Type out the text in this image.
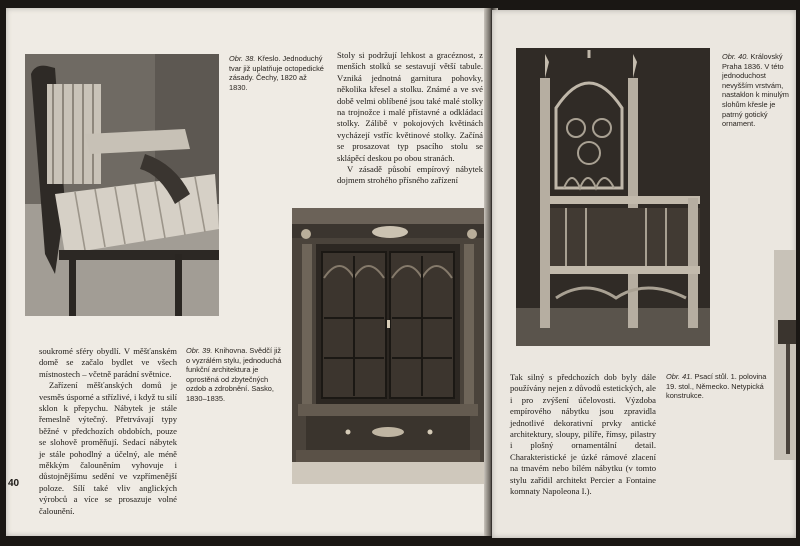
Obr. 38. Křeslo. Jednoduchý tvar již uplatňuje octopedické zásady. Čechy, 1820 až 1830.

Stoly si podržují lehkost a gracéznost, z menších stolků se sestavují větší tabule. Vzniká jednotná garnitura pohovky, několika křesel a stolku. Známé a ve své době velmi oblíbené jsou také malé stolky na trojnožce i malé přístavné a odkládací stolky. Zálibě v pokojových květinách vycházejí vstříc květinové stolky. Začíná se prosazovat typ psacího stolu se sklápěcí deskou po obou stranách.

V zásadě působí empírový nábytek dojmem strohého přísného zařízení

Obr. 39. Knihovna. Svědčí již o vyzrálém stylu, jednoduchá funkční architektura je oprostěná od zbytečných ozdob a zdrobnění. Sasko, 1830–1835.

soukromé sféry obydlí. V měšťanském domě se začalo bydlet ve všech místnostech – včetně parádní světnice.

Zařízení měšťanských domů je vesměs úsporné a střízlivé, i když tu silí sklon k přepychu. Nábytek je stále řemeslně výtečný. Přetrvávají typy běžné v předchozích obdobích, pouze se slohově proměňují. Sedací nábytek je stále pohodlný a účelný, ale méně měkkým čalouněním vyhovuje i důstojnějšímu sedění ve vzpřímenější poloze. Sílí také vliv anglických výrobců a více se prosazuje volné čalounění.

40
Obr. 40. Královský Praha 1836. V této jednoduchost nevyšším vrstvám, nastaklon k minulým slohům křesle je patrný gotický ornament.
Obr. 41. Psací stůl. 1. polovina 19. stol., Německo. Netypická konstrukce.

Tak silný s předchozích dob byly dále používány nejen z důvodů estetických, ale i pro zvýšení účelovosti. Výzdoba empírového nábytku jsou zpravidla jednotlivé dekorativní prvky antické architektury, sloupy, pilíře, římsy, pilastry i plošný ornamentální detail. Charakteristické je úzké rámové zlacení na tmavém nebo bílém nábytku (v tomto stylu zařídil architekt Percier a Fontaine komnaty Napoleona I.).
